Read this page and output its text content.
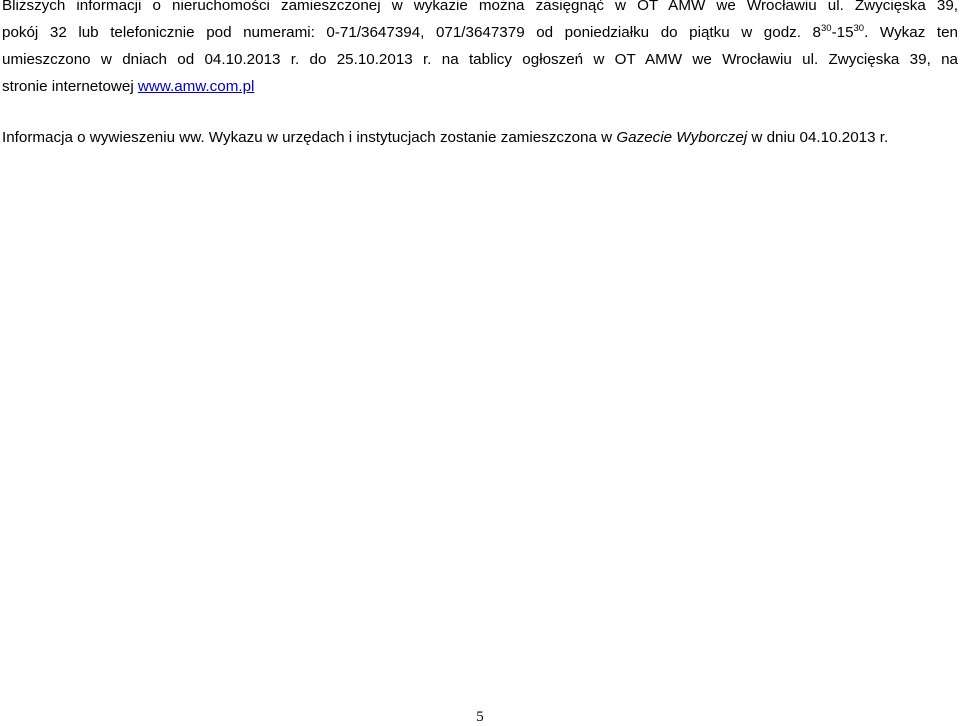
Bliższych informacji o nieruchomości zamieszczonej w wykazie można zasięgnąć w OT AMW we Wrocławiu ul. Zwycięska 39,
pokój 32 lub telefonicznie pod numerami: 0-71/3647394, 071/3647379 od poniedziałku do piątku w godz. $8^{30}-15^{30}$. Wykaz ten
umieszczono w dniach od 04.10.2013 r. do 25.10.2013 r. na tablicy ogłoszeń w OT AMW we Wrocławiu ul. Zwycięska 39, na
stronie internetowej www.amw.com.pl
Informacja o wywieszeniu ww. Wykazu w urzędach i instytucjach zostanie zamieszczona w Gazecie Wyborczej w dniu 04.10.2013 r.
5
